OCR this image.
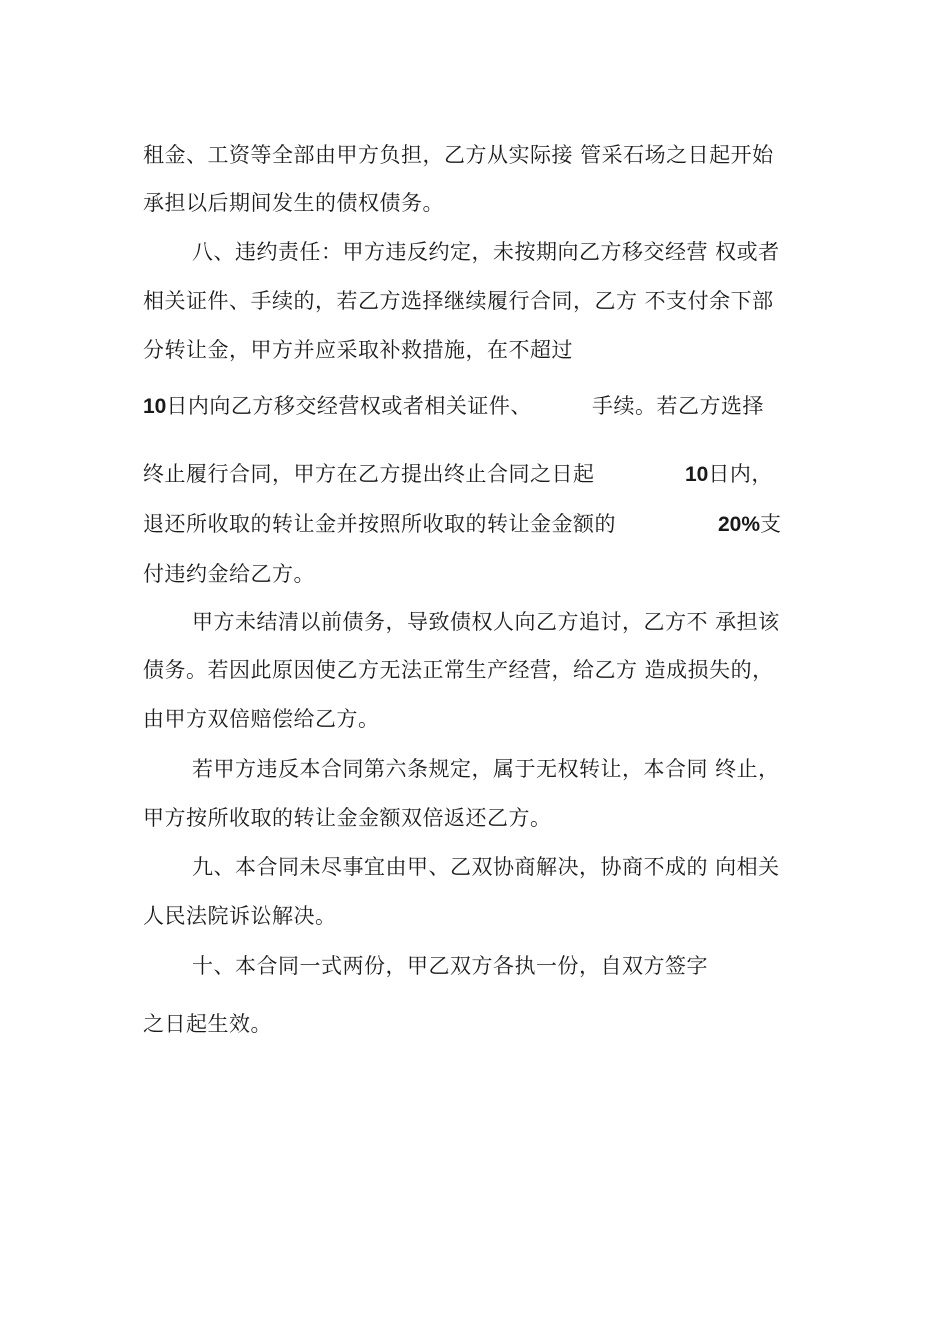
租金、工资等全部由甲方负担，乙方从实际接 管采石场之日起开始
承担以后期间发生的债权债务。
八、违约责任：甲方违反约定，未按期向乙方移交经营 权或者
相关证件、手续的，若乙方选择继续履行合同，乙方 不支付余下部
分转让金，甲方并应采取补救措施，在不超过
10日内向乙方移交经营权或者相关证件、	手续。若乙方选择
终止履行合同，甲方在乙方提出终止合同之日起	10日内，
退还所收取的转让金并按照所收取的转让金金额的	20%支
付违约金给乙方。
甲方未结清以前债务，导致债权人向乙方追讨，乙方不 承担该
债务。若因此原因使乙方无法正常生产经营，给乙方 造成损失的，
由甲方双倍赔偿给乙方。
若甲方违反本合同第六条规定，属于无权转让，本合同 终止，
甲方按所收取的转让金金额双倍返还乙方。
九、本合同未尽事宜由甲、乙双协商解决，协商不成的 向相关
人民法院诉讼解决。
十、本合同一式两份，甲乙双方各执一份，自双方签字
之日起生效。
